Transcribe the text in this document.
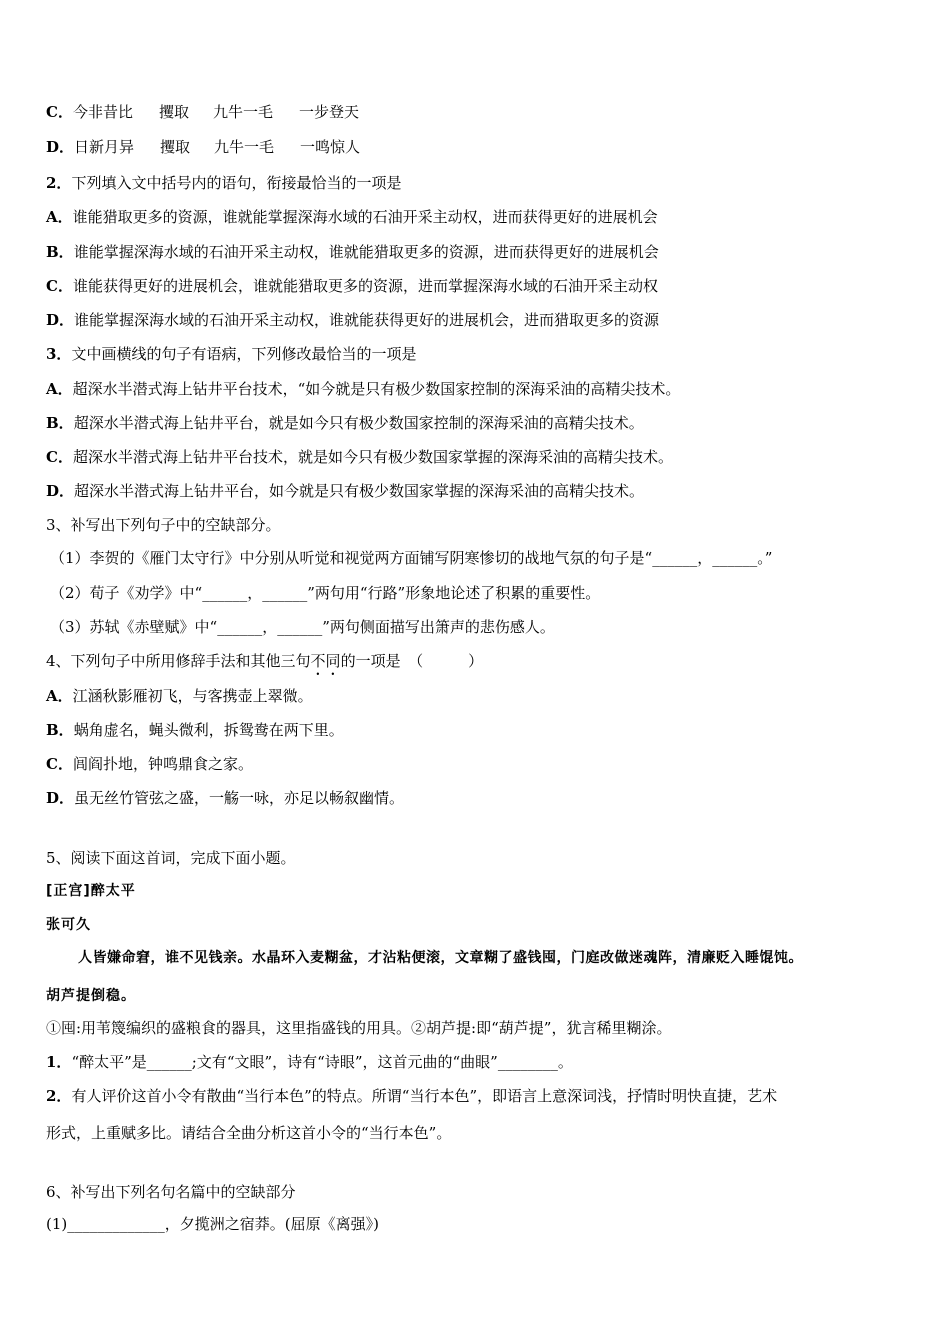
C．今非昔比 攫取 九牛一毛 一步登天
D．日新月异 攫取 九牛一毛 一鸣惊人
2．下列填入文中括号内的语句，衔接最恰当的一项是
A．谁能猎取更多的资源，谁就能掌握深海水域的石油开采主动权，进而获得更好的进展机会
B．谁能掌握深海水域的石油开采主动权，谁就能猎取更多的资源，进而获得更好的进展机会
C．谁能获得更好的进展机会，谁就能猎取更多的资源，进而掌握深海水域的石油开采主动权
D．谁能掌握深海水域的石油开采主动权，谁就能获得更好的进展机会，进而猎取更多的资源
3．文中画横线的句子有语病，下列修改最恰当的一项是
A．超深水半潜式海上钻井平台技术，“如今就是只有极少数国家控制的深海采油的高精尖技术。
B．超深水半潜式海上钻井平台，就是如今只有极少数国家控制的深海采油的高精尖技术。
C．超深水半潜式海上钻井平台技术，就是如今只有极少数国家掌握的深海采油的高精尖技术。
D．超深水半潜式海上钻井平台，如今就是只有极少数国家掌握的深海采油的高精尖技术。
3、补写出下列句子中的空缺部分。
（1）李贺的《雁门太守行》中分别从听觉和视觉两方面铺写阴寒惨切的战地气氛的句子是“______，______。”
（2）荀子《劝学》中“______，______”两句用“行路”形象地论述了积累的重要性。
（3）苏轼《赤壁赋》中“______，______”两句侧面描写出箫声的悲伤感人。
4、下列句子中所用修辞手法和其他三句不同的一项是　（　　　）
A．江涵秋影雁初飞，与客携壶上翠微。
B．蜗角虚名，蝇头微利，拆鸳鸯在两下里。
C．闾阎扑地，钟鸣鼎食之家。
D．虽无丝竹管弦之盛，一觞一咏，亦足以畅叙幽情。
5、阅读下面这首词，完成下面小题。
[正宫]醉太平
张可久
人皆嫌命窘，谁不见钱亲。水晶环入麦糊盆，才沾粘便滚，文章糊了盛钱囤，门庭改做迷魂阵，清廉贬入睡馄饨。
胡芦提倒稳。
①囤:用苇篾编织的盛粮食的器具，这里指盛钱的用具。②胡芦提:即“葫芦提”，犹言稀里糊涂。
1．“醉太平”是______;文有“文眼”，诗有“诗眼”，这首元曲的“曲眼”________。
2．有人评价这首小令有散曲“当行本色”的特点。所谓“当行本色”，即语言上意深词浅，抒情时明快直捷，艺术
形式，上重赋多比。请结合全曲分析这首小令的“当行本色”。
6、补写出下列名句名篇中的空缺部分
(1)_____________，夕揽洲之宿莽。(屈原《离强》)
